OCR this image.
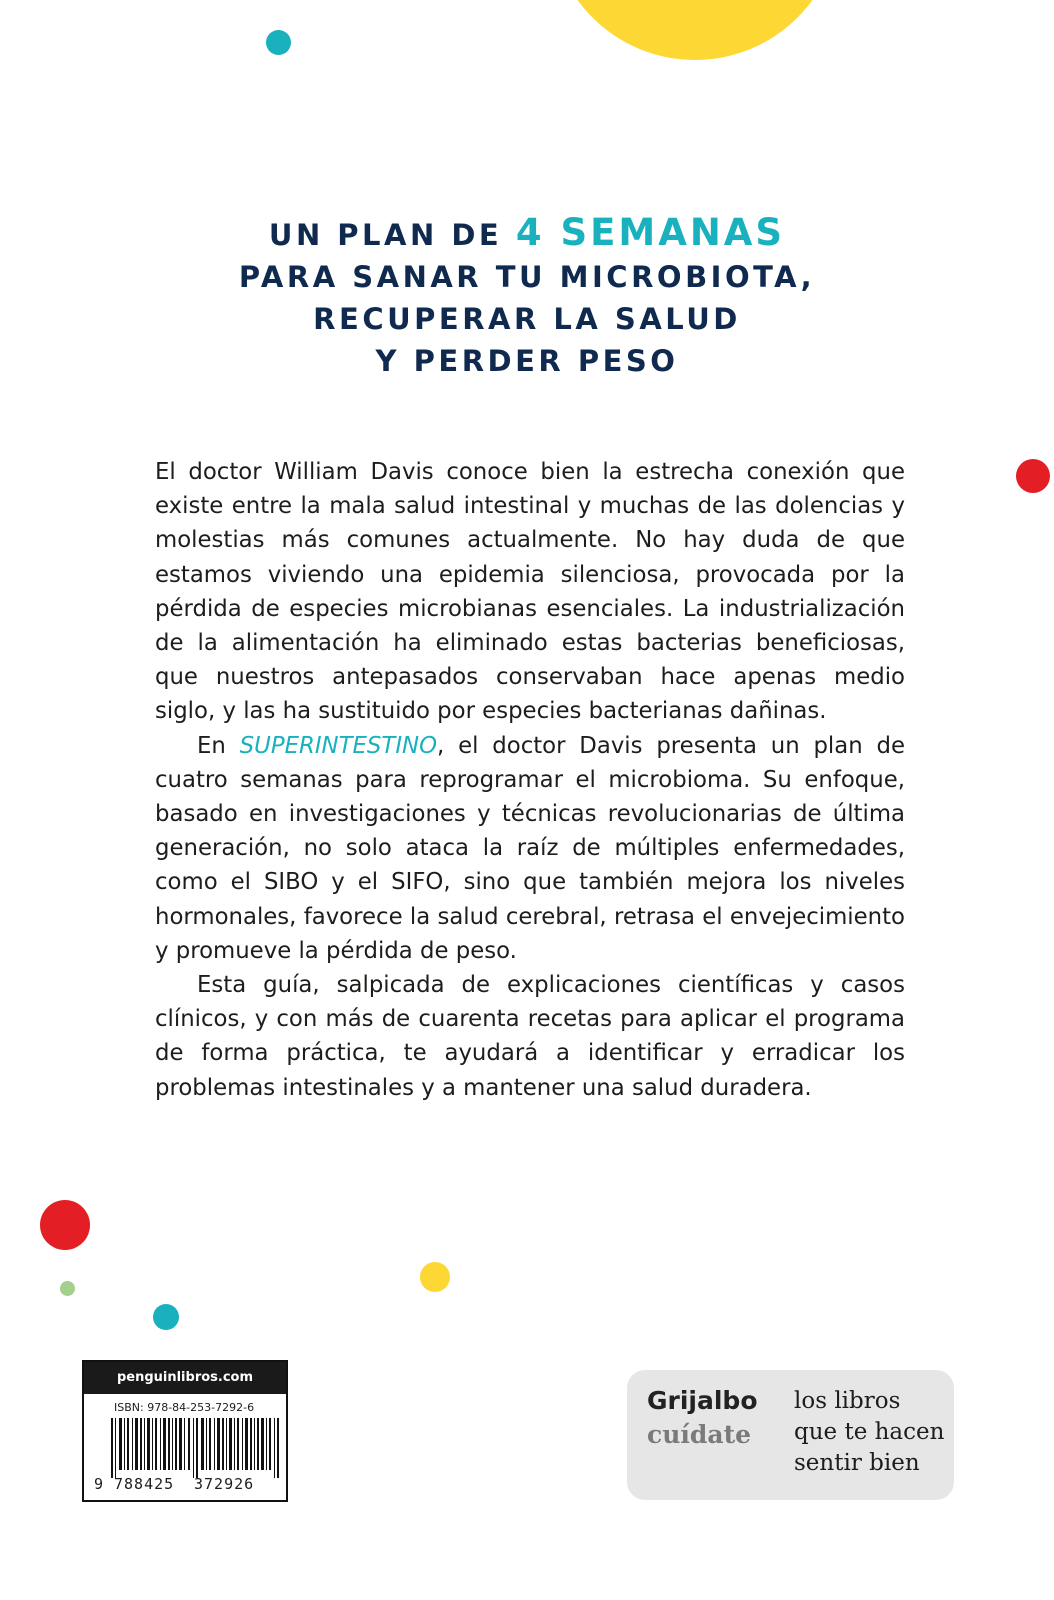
UN PLAN DE 4 SEMANAS
PARA SANAR TU MICROBIOTA,
RECUPERAR LA SALUD
Y PERDER PESO

El doctor William Davis conoce bien la estrecha conexión que existe entre la mala salud intestinal y muchas de las dolencias y molestias más comunes actualmente. No hay duda de que estamos viviendo una epidemia silenciosa, provocada por la pérdida de especies microbianas esenciales. La industrialización de la alimentación ha eliminado estas bacterias beneficiosas, que nuestros antepasados conservaban hace apenas medio siglo, y las ha sustituido por especies bacterianas dañinas.

En SUPERINTESTINO, el doctor Davis presenta un plan de cuatro semanas para reprogramar el microbioma. Su enfoque, basado en investigaciones y técnicas revolucionarias de última generación, no solo ataca la raíz de múltiples enfermedades, como el SIBO y el SIFO, sino que también mejora los niveles hormonales, favorece la salud cerebral, retrasa el envejecimiento y promueve la pérdida de peso.

Esta guía, salpicada de explicaciones científicas y casos clínicos, y con más de cuarenta recetas para aplicar el programa de forma práctica, te ayudará a identificar y erradicar los problemas intestinales y a mantener una salud duradera.

penguinlibros.com
ISBN: 978-84-253-7292-6
9 788425 372926
Grijalbo
cuídate
los libros
que te hacen
sentir bien
